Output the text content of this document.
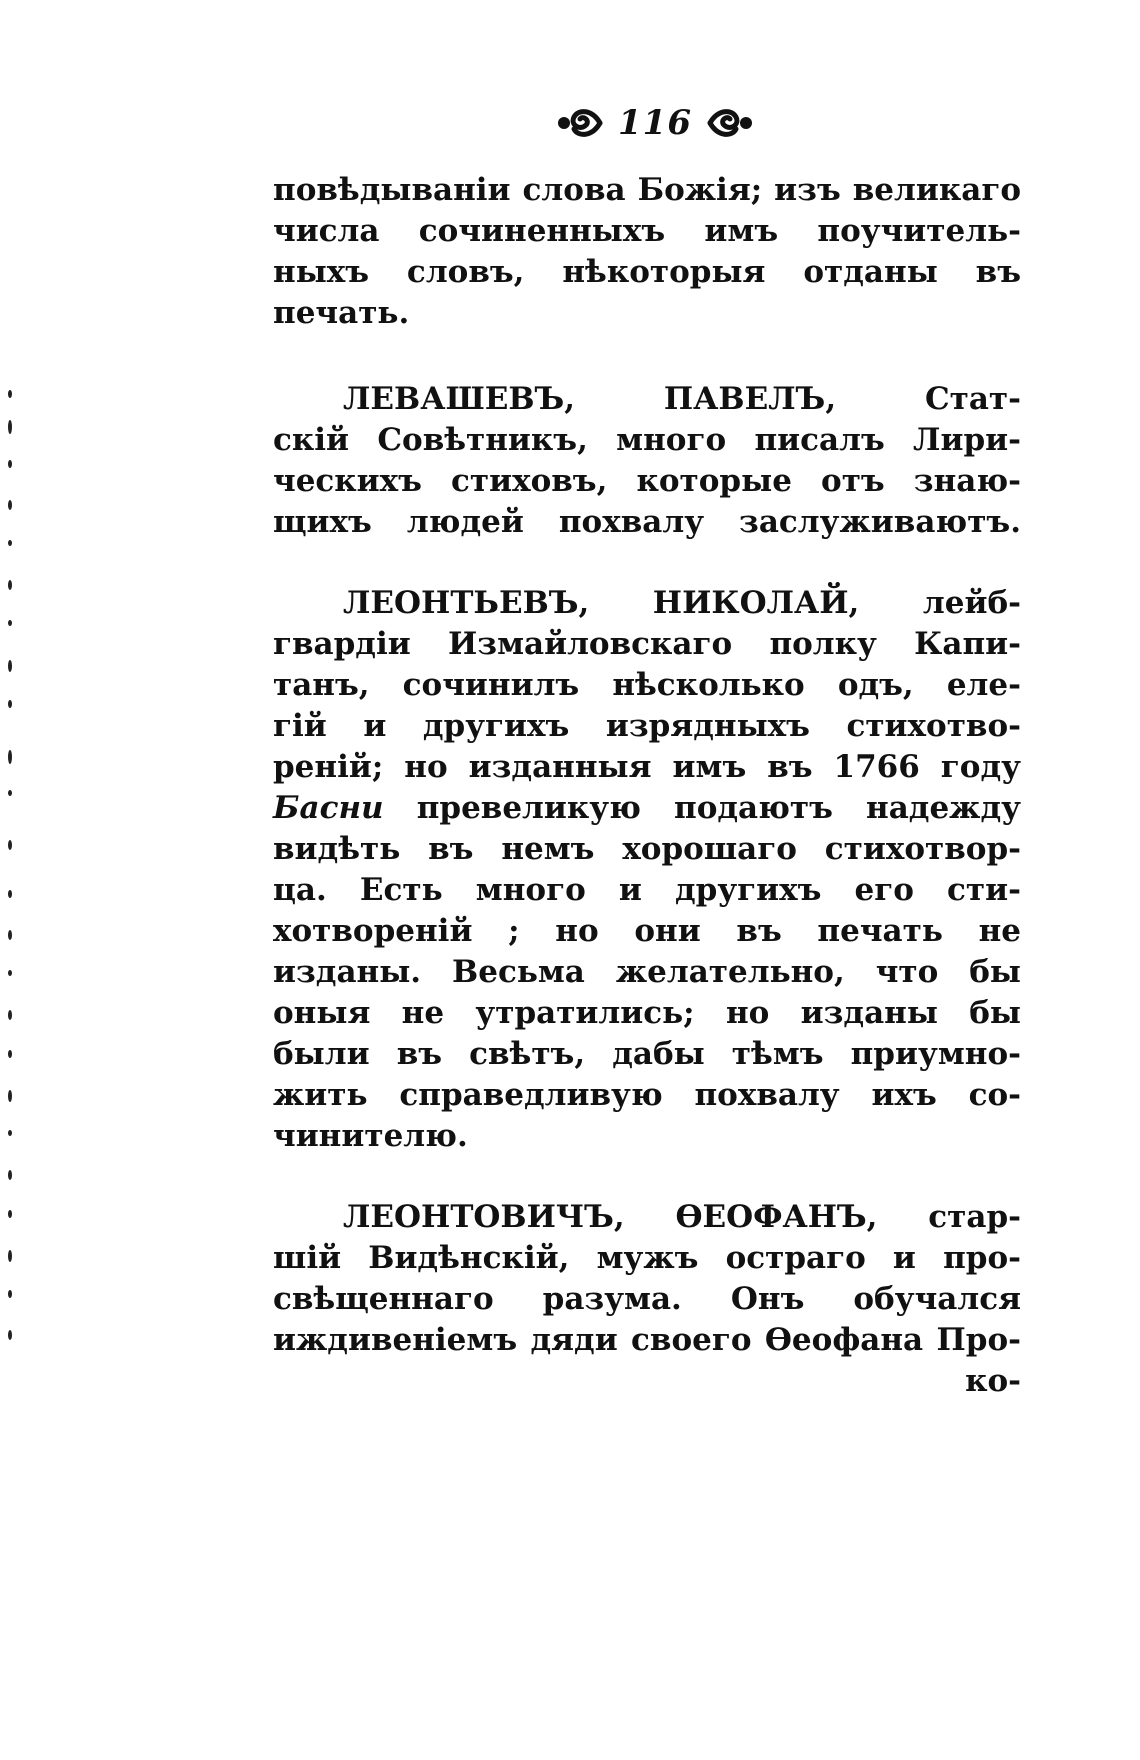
116
повѣдываніи слова Божія; изъ великаго
числа сочиненныхъ имъ поучитель-
ныхъ словъ, нѣкоторыя отданы въ
печать.
ЛЕВАШЕВЪ, ПАВЕЛЪ, Стат-
скій Совѣтникъ, много писалъ Лири-
ческихъ стиховъ, которые отъ знаю-
щихъ людей похвалу заслуживаютъ.
ЛЕОНТЬЕВЪ, НИКОЛАЙ, лейб-
гвардіи Измайловскаго полку Капи-
танъ, сочинилъ нѣсколько одъ, еле-
гій и другихъ изрядныхъ стихотво-
реній; но изданныя имъ въ 1766 году
Басни превеликую подаютъ надежду
видѣть въ немъ хорошаго стихотвор-
ца. Есть много и другихъ его сти-
хотвореній ; но они въ печать не
изданы. Весьма желательно, что бы
оныя не утратились; но изданы бы
были въ свѣтъ, дабы тѣмъ приумно-
жить справедливую похвалу ихъ со-
чинителю.
ЛЕОНТОВИЧЪ, ѲЕОФАНЪ, стар-
шій Видѣнскій, мужъ остраго и про-
свѣщеннаго разума. Онъ обучался
иждивеніемъ дяди своего Ѳеофана Про-
ко-
